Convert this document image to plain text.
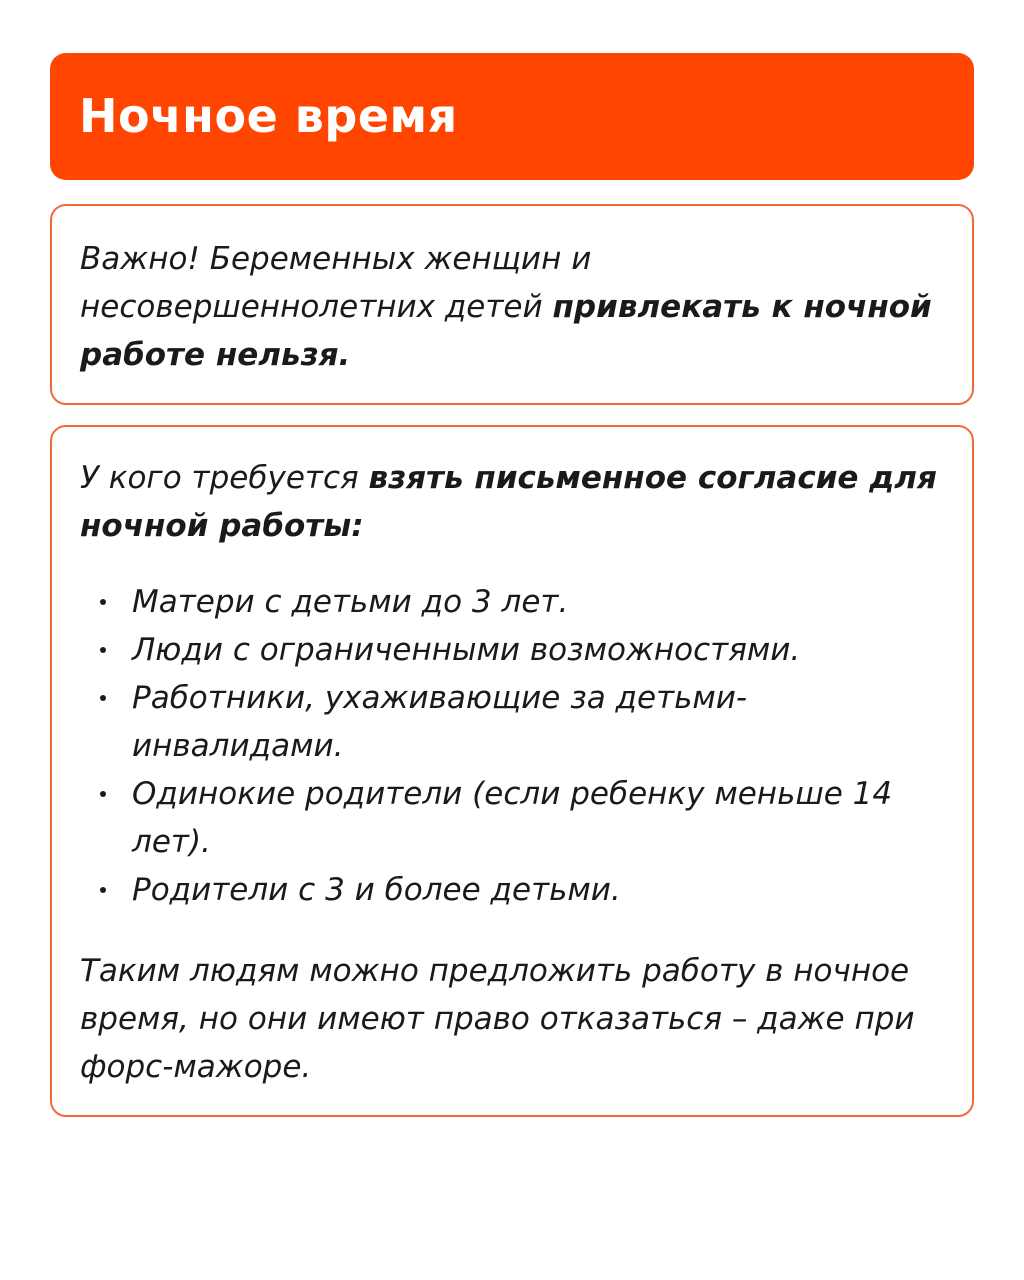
Ночное время

Важно! Беременных женщин и несовершеннолетних детей привлекать к ночной работе нельзя.

У кого требуется взять письменное согласие для ночной работы:

Матери с детьми до 3 лет.
Люди с ограниченными возможностями.
Работники, ухаживающие за детьми-инвалидами.
Одинокие родители (если ребенку меньше 14 лет).
Родители с 3 и более детьми.

Таким людям можно предложить работу в ночное время, но они имеют право отказаться – даже при форс-мажоре.
